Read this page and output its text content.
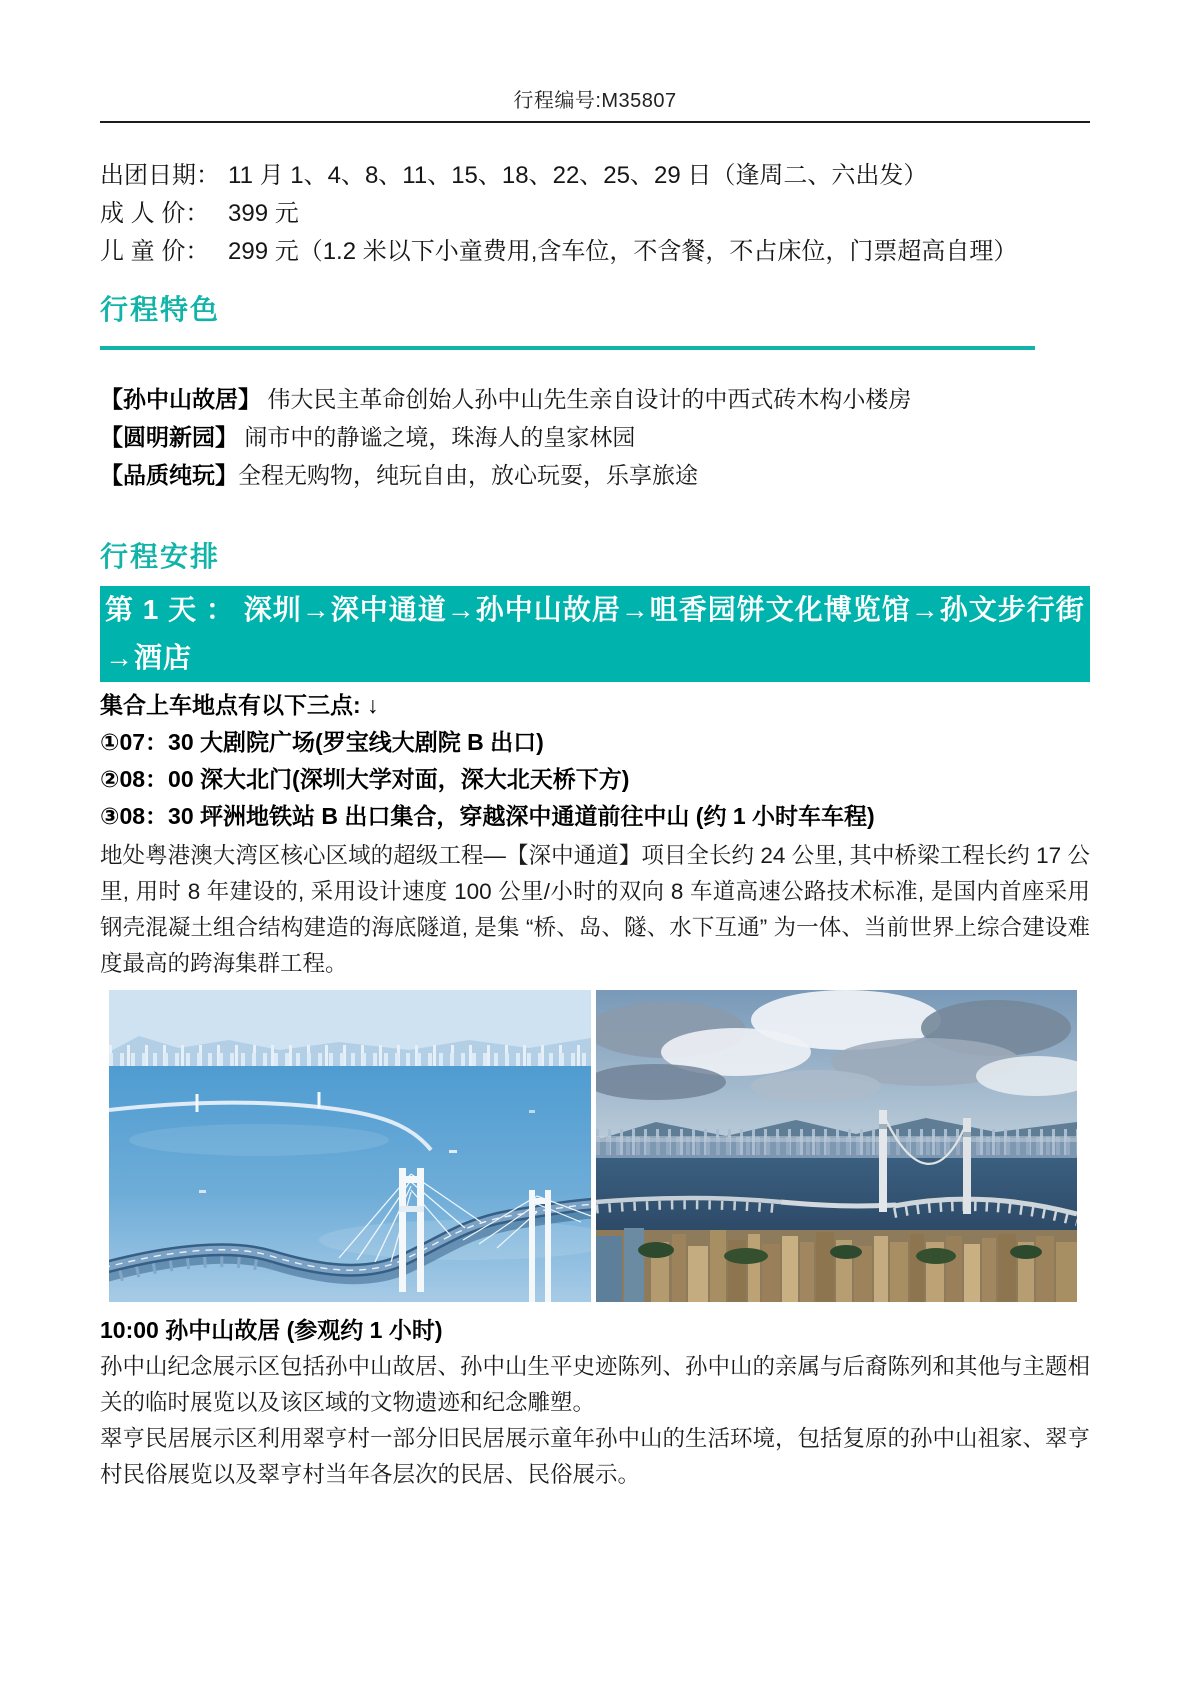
行程编号:M35807
出团日期： 11 月 1、4、8、11、15、18、22、25、29 日（逢周二、六出发）
成 人 价： 399 元
儿 童 价： 299 元（1.2 米以下小童费用,含车位，不含餐，不占床位，门票超高自理）
行程特色
【孙中山故居】 伟大民主革命创始人孙中山先生亲自设计的中西式砖木构小楼房
【圆明新园】 闹市中的静谧之境，珠海人的皇家林园
【品质纯玩】全程无购物，纯玩自由，放心玩耍，乐享旅途
行程安排
第 1 天 ： 深圳→深中通道→孙中山故居→咀香园饼文化博览馆→孙文步行街→酒店
集合上车地点有以下三点: ↓
①07：30 大剧院广场(罗宝线大剧院 B 出口)
②08：00 深大北门(深圳大学对面，深大北天桥下方)
③08：30 坪洲地铁站 B 出口集合，穿越深中通道前往中山 (约 1 小时车车程)
地处粤港澳大湾区核心区域的超级工程—【深中通道】项目全长约 24 公里, 其中桥梁工程长约 17 公里, 用时 8 年建设的, 采用设计速度 100 公里/小时的双向 8 车道高速公路技术标准, 是国内首座采用钢壳混凝土组合结构建造的海底隧道, 是集 “桥、岛、隧、水下互通” 为一体、当前世界上综合建设难度最高的跨海集群工程。
10:00 孙中山故居 (参观约 1 小时)
孙中山纪念展示区包括孙中山故居、孙中山生平史迹陈列、孙中山的亲属与后裔陈列和其他与主题相关的临时展览以及该区域的文物遗迹和纪念雕塑。
翠亨民居展示区利用翠亨村一部分旧民居展示童年孙中山的生活环境，包括复原的孙中山祖家、翠亨村民俗展览以及翠亨村当年各层次的民居、民俗展示。
